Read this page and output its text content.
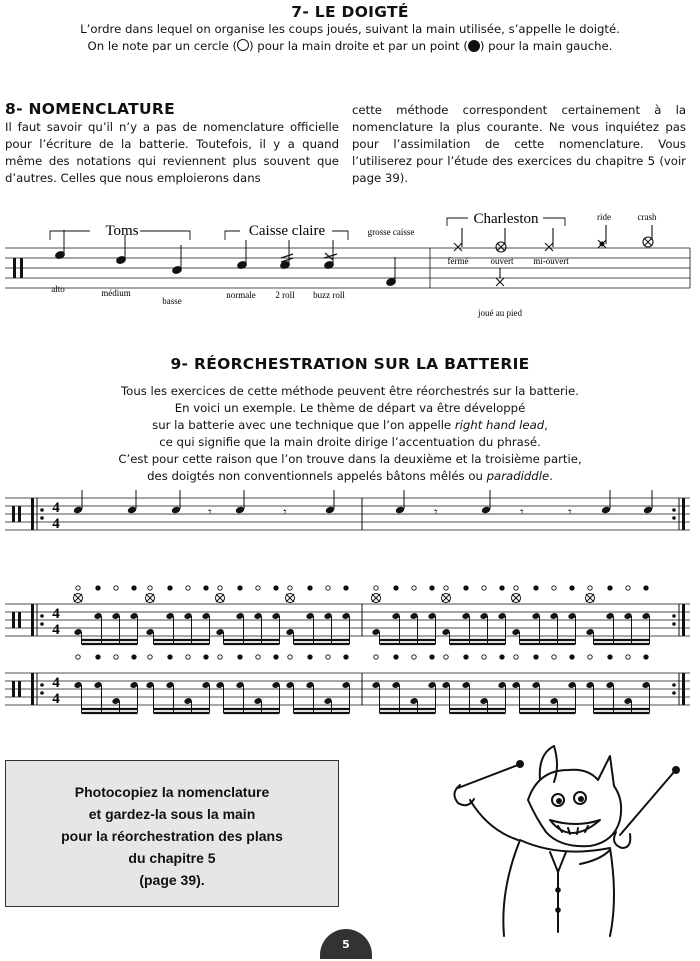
7- LE DOIGTÉ

L’ordre dans lequel on organise les coups joués, suivant la main utilisée, s’appelle le doigté.

On le note par un cercle ( ) pour la main droite et par un point ( ) pour la main gauche.

8- NOMENCLATURE

Il faut savoir qu’il n’y a pas de nomenclature officielle pour l’écriture de la batterie. Toutefois, il y a quand même des notations qui reviennent plus souvent que d’autres. Celles que nous emploierons dans

cette méthode correspondent certainement à la nomenclature la plus courante. Ne vous inquiétez pas pour l’assimilation de cette nomenclature. Vous l’utiliserez pour l’étude des exercices du chapitre 5 (voir page 39).

Toms	Caisse claire
Charleston
alto	médium
basse
normale 2 roll buzz roll
grosse caisse
fermé ouvert mi-ouvert
joué au pied
ride	crash
9- RÉORCHESTRATION SUR LA BATTERIE
Tous les exercices de cette méthode peuvent être réorchestrés sur la batterie.
En voici un exemple. Le thème de départ va être développé
sur la batterie avec une technique que l’on appelle right hand lead,
ce qui signifie que la main droite dirige l’accentuation du phrasé.
C’est pour cette raison que l’on trouve dans la deuxième et la troisième partie,
des doigtés non conventionnels appelés bâtons mêlés ou paradiddle.
4
4
𝄾	𝄾	𝄾	𝄾	𝄾
4
4
4
4
Photocopiez la nomenclature
et gardez-la sous la main
pour la réorchestration des plans
du chapitre 5
(page 39).
5
